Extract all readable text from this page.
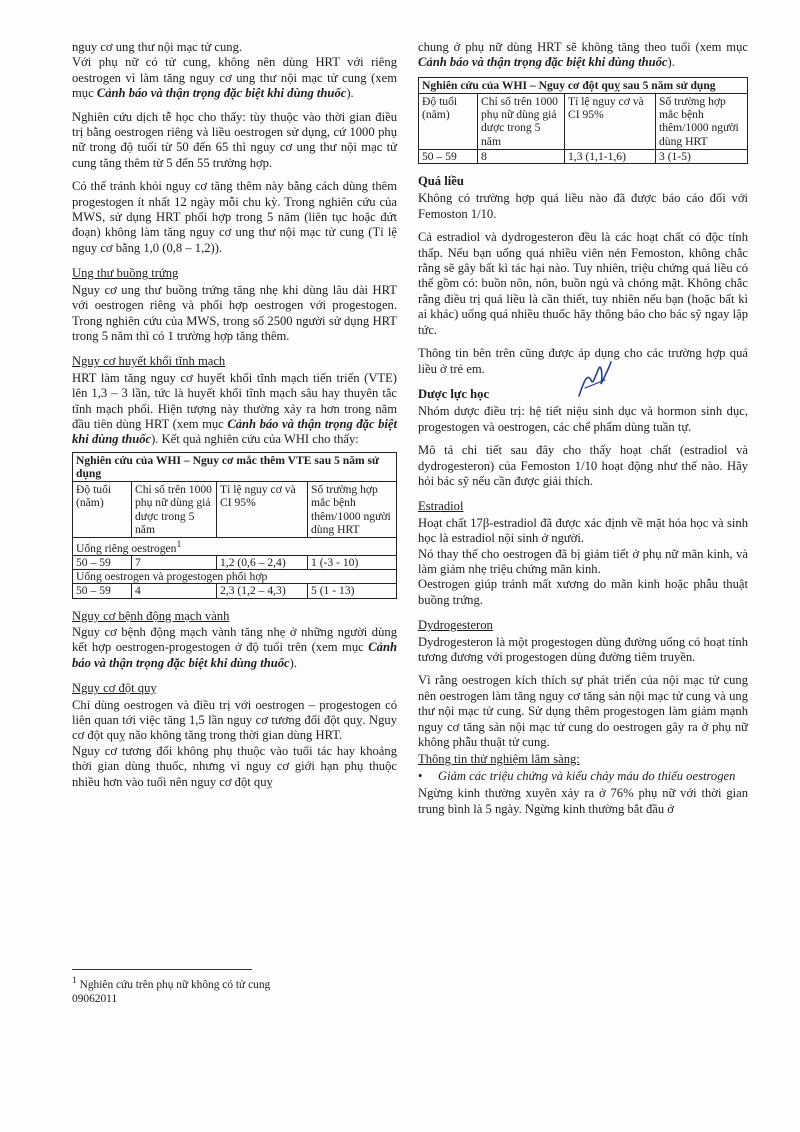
nguy cơ ung thư nội mạc tử cung.

Với phụ nữ có tử cung, không nên dùng HRT với riêng oestrogen vì làm tăng nguy cơ ung thư nội mạc tử cung (xem mục Cảnh báo và thận trọng đặc biệt khi dùng thuốc).

Nghiên cứu dịch tễ học cho thấy: tùy thuộc vào thời gian điều trị bằng oestrogen riêng và liều oestrogen sử dụng, cứ 1000 phụ nữ trong độ tuổi từ 50 đến 65 thì nguy cơ ung thư nội mạc tử cung tăng thêm từ 5 đến 55 trường hợp.

Có thể tránh khỏi nguy cơ tăng thêm này bằng cách dùng thêm progestogen ít nhất 12 ngày mỗi chu kỳ. Trong nghiên cứu của MWS, sử dụng HRT phối hợp trong 5 năm (liên tục hoặc đứt đoạn) không làm tăng nguy cơ ung thư nội mạc tử cung (Tỉ lệ nguy cơ bằng 1,0 (0,8 – 1,2)).

Ung thư buồng trứng

Nguy cơ ung thư buồng trứng tăng nhẹ khi dùng lâu dài HRT với oestrogen riêng và phối hợp oestrogen với progestogen. Trong nghiên cứu của MWS, trong số 2500 người sử dụng HRT trong 5 năm thì có 1 trường hợp tăng thêm.

Nguy cơ huyết khối tĩnh mạch

HRT làm tăng nguy cơ huyết khối tĩnh mạch tiến triển (VTE) lên 1,3 – 3 lần, tức là huyết khối tĩnh mạch sâu hay thuyên tắc tĩnh mạch phổi. Hiện tượng này thường xảy ra hơn trong năm đầu tiên dùng HRT (xem mục Cảnh báo và thận trọng đặc biệt khi dùng thuốc). Kết quả nghiên cứu của WHI cho thấy:

Nghiên cứu của WHI – Nguy cơ mắc thêm VTE sau 5 năm sử dụng			
Độ tuổi (năm)	Chỉ số trên 1000 phụ nữ dùng giả dược trong 5 năm	Tỉ lệ nguy cơ và CI 95%	Số trường hợp mắc bệnh thêm/1000 người dùng HRT
Uống riêng oestrogen$^1$
50 – 59	7	1,2 (0,6 – 2,4)	1 (-3 - 10)
Uống oestrogen và progestogen phối hợp			
50 – 59	4	2,3 (1,2 – 4,3)	5 (1 - 13)
Nguy cơ bệnh động mạch vành

Nguy cơ bệnh động mạch vành tăng nhẹ ở những người dùng kết hợp oestrogen-progestogen ở độ tuổi trên (xem mục Cảnh báo và thận trọng đặc biệt khi dùng thuốc).

Nguy cơ đột quỵ

Chỉ dùng oestrogen và điều trị với oestrogen – progestogen có liên quan tới việc tăng 1,5 lần nguy cơ tương đối đột quỵ. Nguy cơ đột quỵ não không tăng trong thời gian dùng HRT.

Nguy cơ tương đối không phụ thuộc vào tuổi tác hay khoảng thời gian dùng thuốc, nhưng vì nguy cơ giới hạn phụ thuộc nhiều hơn vào tuổi nên nguy cơ đột quỵ

$^1$ Nghiên cứu trên phụ nữ không có tử cung
09062011

chung ở phụ nữ dùng HRT sẽ không tăng theo tuổi (xem mục Cảnh báo và thận trọng đặc biệt khi dùng thuốc).

Nghiên cứu của WHI – Nguy cơ đột quỵ sau 5 năm sử dụng			
Độ tuổi (năm)	Chỉ số trên 1000 phụ nữ dùng giả dược trong 5 năm	Tỉ lệ nguy cơ và CI 95%	Số trường hợp mắc bệnh thêm/1000 người dùng HRT
50 – 59	8	1,3 (1,1-1,6)	3 (1-5)
Quá liều

Không có trường hợp quá liều nào đã được báo cáo đối với Femoston 1/10.

Cả estradiol và dydrogesteron đều là các hoạt chất có độc tính thấp. Nếu bạn uống quá nhiều viên nén Femoston, không chắc rằng sẽ gây bất kì tác hại nào. Tuy nhiên, triệu chứng quá liều có thể gồm có: buồn nôn, nôn, buồn ngủ và chóng mặt. Không chắc rằng điều trị quá liều là cần thiết, tuy nhiên nếu bạn (hoặc bất kì ai khác) uống quá nhiều thuốc hãy thông báo cho bác sỹ ngay lập tức.

Thông tin bên trên cũng được áp dụng cho các trường hợp quá liều ở trẻ em.

Dược lực học

Nhóm dược điều trị: hệ tiết niệu sinh dục và hormon sinh dục, progestogen và oestrogen, các chế phẩm dùng tuần tự.

Mô tả chi tiết sau đây cho thấy hoạt chất (estradiol và dydrogesteron) của Femoston 1/10 hoạt động như thế nào. Hãy hỏi bác sỹ nếu cần được giải thích.

Estradiol

Hoạt chất 17β-estradiol đã được xác định về mặt hóa học và sinh học là estradiol nội sinh ở người.

Nó thay thế cho oestrogen đã bị giảm tiết ở phụ nữ mãn kinh, và làm giảm nhẹ triệu chứng mãn kinh.

Oestrogen giúp tránh mất xương do mãn kinh hoặc phẫu thuật buồng trứng.

Dydrogesteron

Dydrogesteron là một progestogen dùng đường uống có hoạt tính tương đương với progestogen dùng đường tiêm truyền.

Vì rằng oestrogen kích thích sự phát triển của nội mạc tử cung nên oestrogen làm tăng nguy cơ tăng sản nội mạc tử cung và ung thư nội mạc tử cung. Sử dụng thêm progestogen làm giảm mạnh nguy cơ tăng sản nội mạc tử cung do oestrogen gây ra ở phụ nữ không phẫu thuật tử cung.

Thông tin thử nghiệm lâm sàng:
•	Giảm các triệu chứng và kiểu chảy máu do thiếu oestrogen

Ngừng kinh thường xuyên xảy ra ở 76% phụ nữ với thời gian trung bình là 5 ngày. Ngừng kinh thường bắt đầu ở
